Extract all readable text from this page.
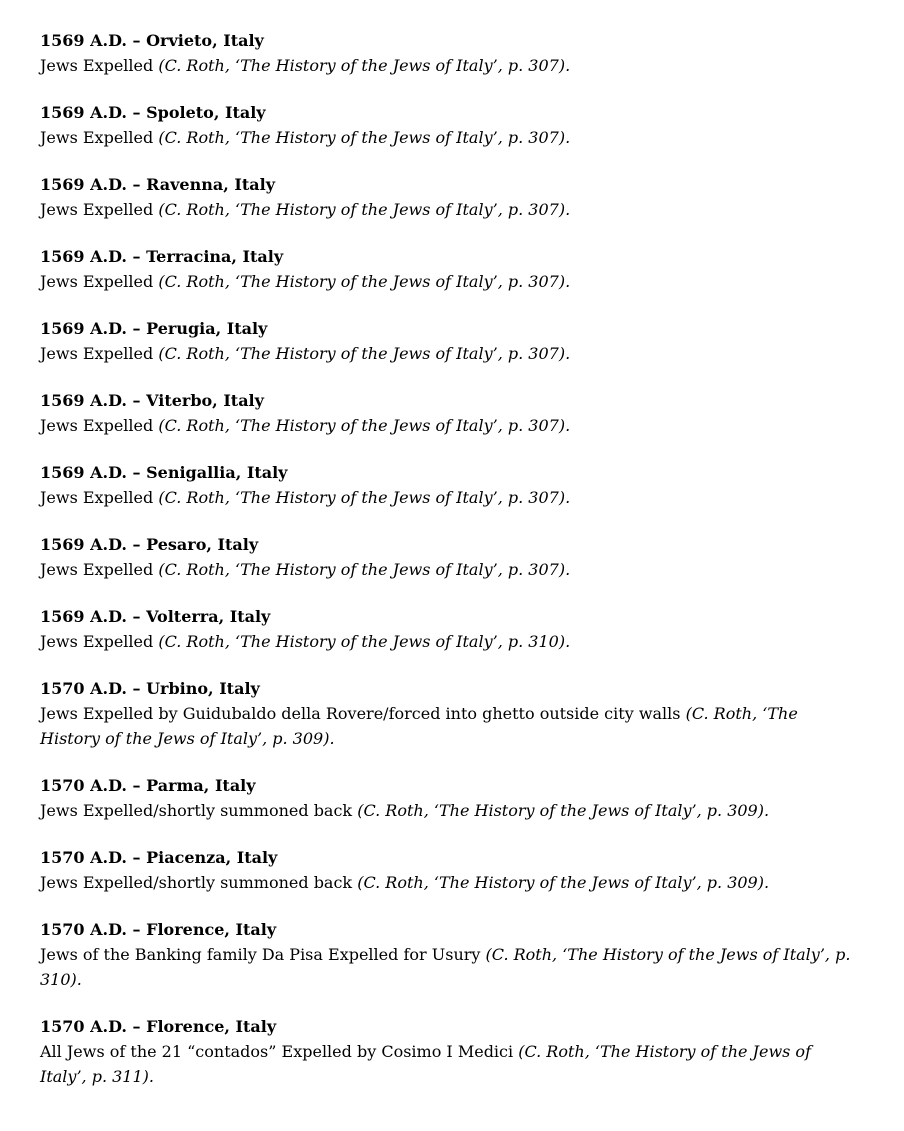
1569 A.D. – Orvieto, Italy
Jews Expelled (C. Roth, ‘The History of the Jews of Italy’, p. 307).
1569 A.D. – Spoleto, Italy
Jews Expelled (C. Roth, ‘The History of the Jews of Italy’, p. 307).
1569 A.D. – Ravenna, Italy
Jews Expelled (C. Roth, ‘The History of the Jews of Italy’, p. 307).
1569 A.D. – Terracina, Italy
Jews Expelled (C. Roth, ‘The History of the Jews of Italy’, p. 307).
1569 A.D. – Perugia, Italy
Jews Expelled (C. Roth, ‘The History of the Jews of Italy’, p. 307).
1569 A.D. – Viterbo, Italy
Jews Expelled (C. Roth, ‘The History of the Jews of Italy’, p. 307).
1569 A.D. – Senigallia, Italy
Jews Expelled (C. Roth, ‘The History of the Jews of Italy’, p. 307).
1569 A.D. – Pesaro, Italy
Jews Expelled (C. Roth, ‘The History of the Jews of Italy’, p. 307).
1569 A.D. – Volterra, Italy
Jews Expelled (C. Roth, ‘The History of the Jews of Italy’, p. 310).
1570 A.D. – Urbino, Italy
Jews Expelled by Guidubaldo della Rovere/forced into ghetto outside city walls (C. Roth, ‘The History of the Jews of Italy’, p. 309).
1570 A.D. – Parma, Italy
Jews Expelled/shortly summoned back (C. Roth, ‘The History of the Jews of Italy’, p. 309).
1570 A.D. – Piacenza, Italy
Jews Expelled/shortly summoned back (C. Roth, ‘The History of the Jews of Italy’, p. 309).
1570 A.D. – Florence, Italy
Jews of the Banking family Da Pisa Expelled for Usury (C. Roth, ‘The History of the Jews of Italy’, p. 310).
1570 A.D. – Florence, Italy
All Jews of the 21 “contados” Expelled by Cosimo I Medici (C. Roth, ‘The History of the Jews of Italy’, p. 311).
